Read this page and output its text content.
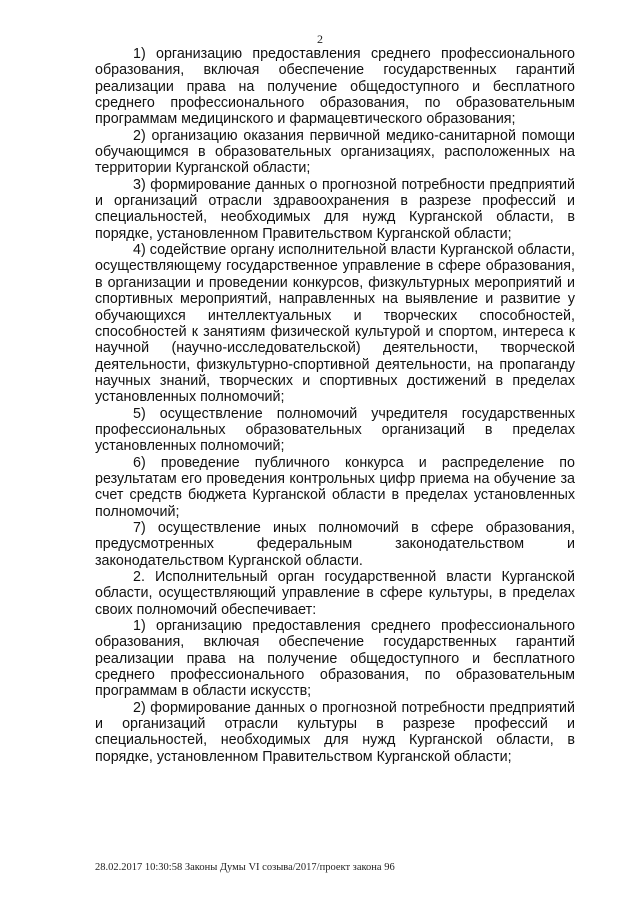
2

1) организацию предоставления среднего профессионального образования, включая обеспечение государственных гарантий реализации права на получение общедоступного и бесплатного среднего профессионального образования, по образовательным программам медицинского и фармацевтического образования;

2) организацию оказания первичной медико-санитарной помощи обучающимся в образовательных организациях, расположенных на территории Курганской области;

3) формирование данных о прогнозной потребности предприятий и организаций отрасли здравоохранения в разрезе профессий и специальностей, необходимых для нужд Курганской области, в порядке, установленном Правительством Курганской области;

4) содействие органу исполнительной власти Курганской области, осуществляющему государственное управление в сфере образования, в организации и проведении конкурсов, физкультурных мероприятий и спортивных мероприятий, направленных на выявление и развитие у обучающихся интеллектуальных и творческих способностей, способностей к занятиям физической культурой и спортом, интереса к научной (научно-исследовательской) деятельности, творческой деятельности, физкультурно-спортивной деятельности, на пропаганду научных знаний, творческих и спортивных достижений в пределах установленных полномочий;

5) осуществление полномочий учредителя государственных профессиональных образовательных организаций в пределах установленных полномочий;

6) проведение публичного конкурса и распределение по результатам его проведения контрольных цифр приема на обучение за счет средств бюджета Курганской области в пределах установленных полномочий;

7) осуществление иных полномочий в сфере образования, предусмотренных федеральным законодательством и законодательством Курганской области.

2. Исполнительный орган государственной власти Курганской области, осуществляющий управление в сфере культуры, в пределах своих полномочий обеспечивает:

1) организацию предоставления среднего профессионального образования, включая обеспечение государственных гарантий реализации права на получение общедоступного и бесплатного среднего профессионального образования, по образовательным программам в области искусств;

2) формирование данных о прогнозной потребности предприятий и организаций отрасли культуры в разрезе профессий и специальностей, необходимых для нужд Курганской области, в порядке, установленном Правительством Курганской области;

28.02.2017 10:30:58 Законы Думы VI созыва/2017/проект закона 96
